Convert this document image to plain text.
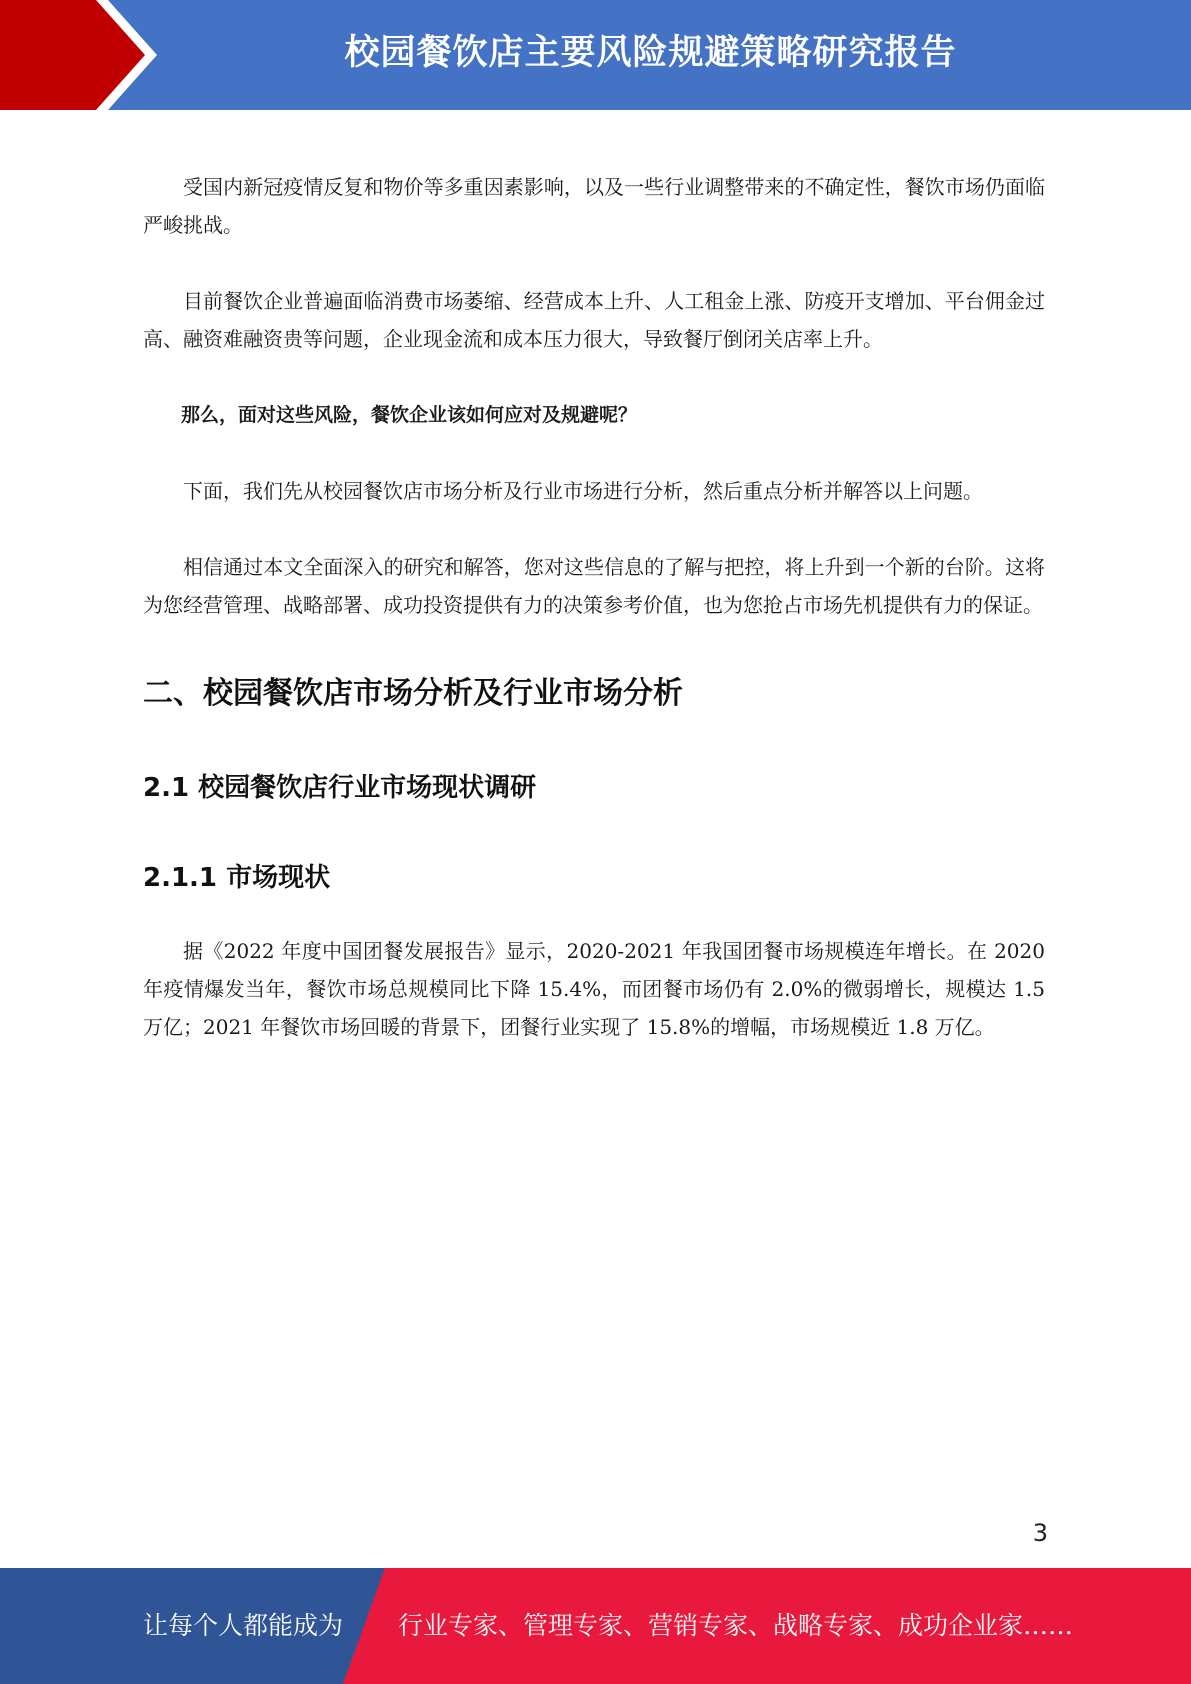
校园餐饮店主要风险规避策略研究报告

受国内新冠疫情反复和物价等多重因素影响，以及一些行业调整带来的不确定性，餐饮市场仍面临严峻挑战。

目前餐饮企业普遍面临消费市场萎缩、经营成本上升、人工租金上涨、防疫开支增加、平台佣金过高、融资难融资贵等问题，企业现金流和成本压力很大，导致餐厅倒闭关店率上升。

那么，面对这些风险，餐饮企业该如何应对及规避呢？

下面，我们先从校园餐饮店市场分析及行业市场进行分析，然后重点分析并解答以上问题。

相信通过本文全面深入的研究和解答，您对这些信息的了解与把控，将上升到一个新的台阶。这将为您经营管理、战略部署、成功投资提供有力的决策参考价值，也为您抢占市场先机提供有力的保证。

二、校园餐饮店市场分析及行业市场分析
2.1 校园餐饮店行业市场现状调研
2.1.1 市场现状

据《2022 年度中国团餐发展报告》显示，2020-2021 年我国团餐市场规模连年增长。在 2020 年疫情爆发当年，餐饮市场总规模同比下降 15.4%，而团餐市场仍有 2.0%的微弱增长，规模达 1.5 万亿；2021 年餐饮市场回暖的背景下，团餐行业实现了 15.8%的增幅，市场规模近 1.8 万亿。

3
让每个人都能成为 行业专家、管理专家、营销专家、战略专家、成功企业家……
